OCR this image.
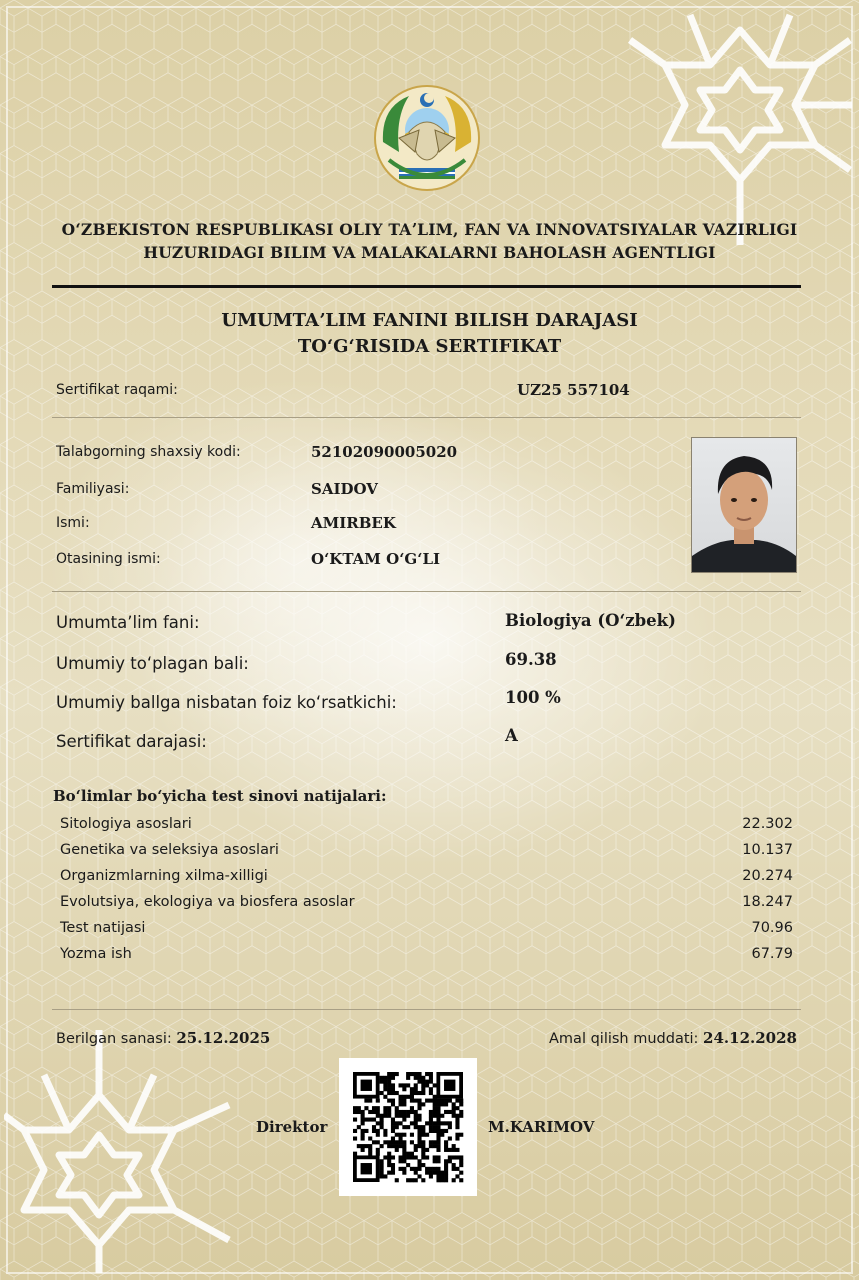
OʻZBEKISTON RESPUBLIKASI OLIY TAʼLIM, FAN VA INNOVATSIYALAR VAZIRLIGI
HUZURIDAGI BILIM VA MALAKALARNI BAHOLASH AGENTLIGI
UMUMTAʼLIM FANINI BILISH DARAJASI
TOʻGʻRISIDA SERTIFIKAT
Sertifikat raqami:	UZ25 557104
Talabgorning shaxsiy kodi:	52102090005020
Familiyasi:	SAIDOV
Ismi:	AMIRBEK
Otasining ismi:	OʻKTAM OʻGʻLI
Umumtaʼlim fani:	Biologiya (Oʻzbek)
Umumiy toʻplagan bali:	69.38
Umumiy ballga nisbatan foiz koʻrsatkichi:	100 %
Sertifikat darajasi:	A
Boʻlimlar boʻyicha test sinovi natijalari:
Sitologiya asoslari	22.302
Genetika va seleksiya asoslari	10.137
Organizmlarning xilma-xilligi	20.274
Evolutsiya, ekologiya va biosfera asoslar	18.247
Test natijasi	70.96
Yozma ish	67.79
Berilgan sanasi: 25.12.2025	Amal qilish muddati: 24.12.2028
Direktor	M.KARIMOV
